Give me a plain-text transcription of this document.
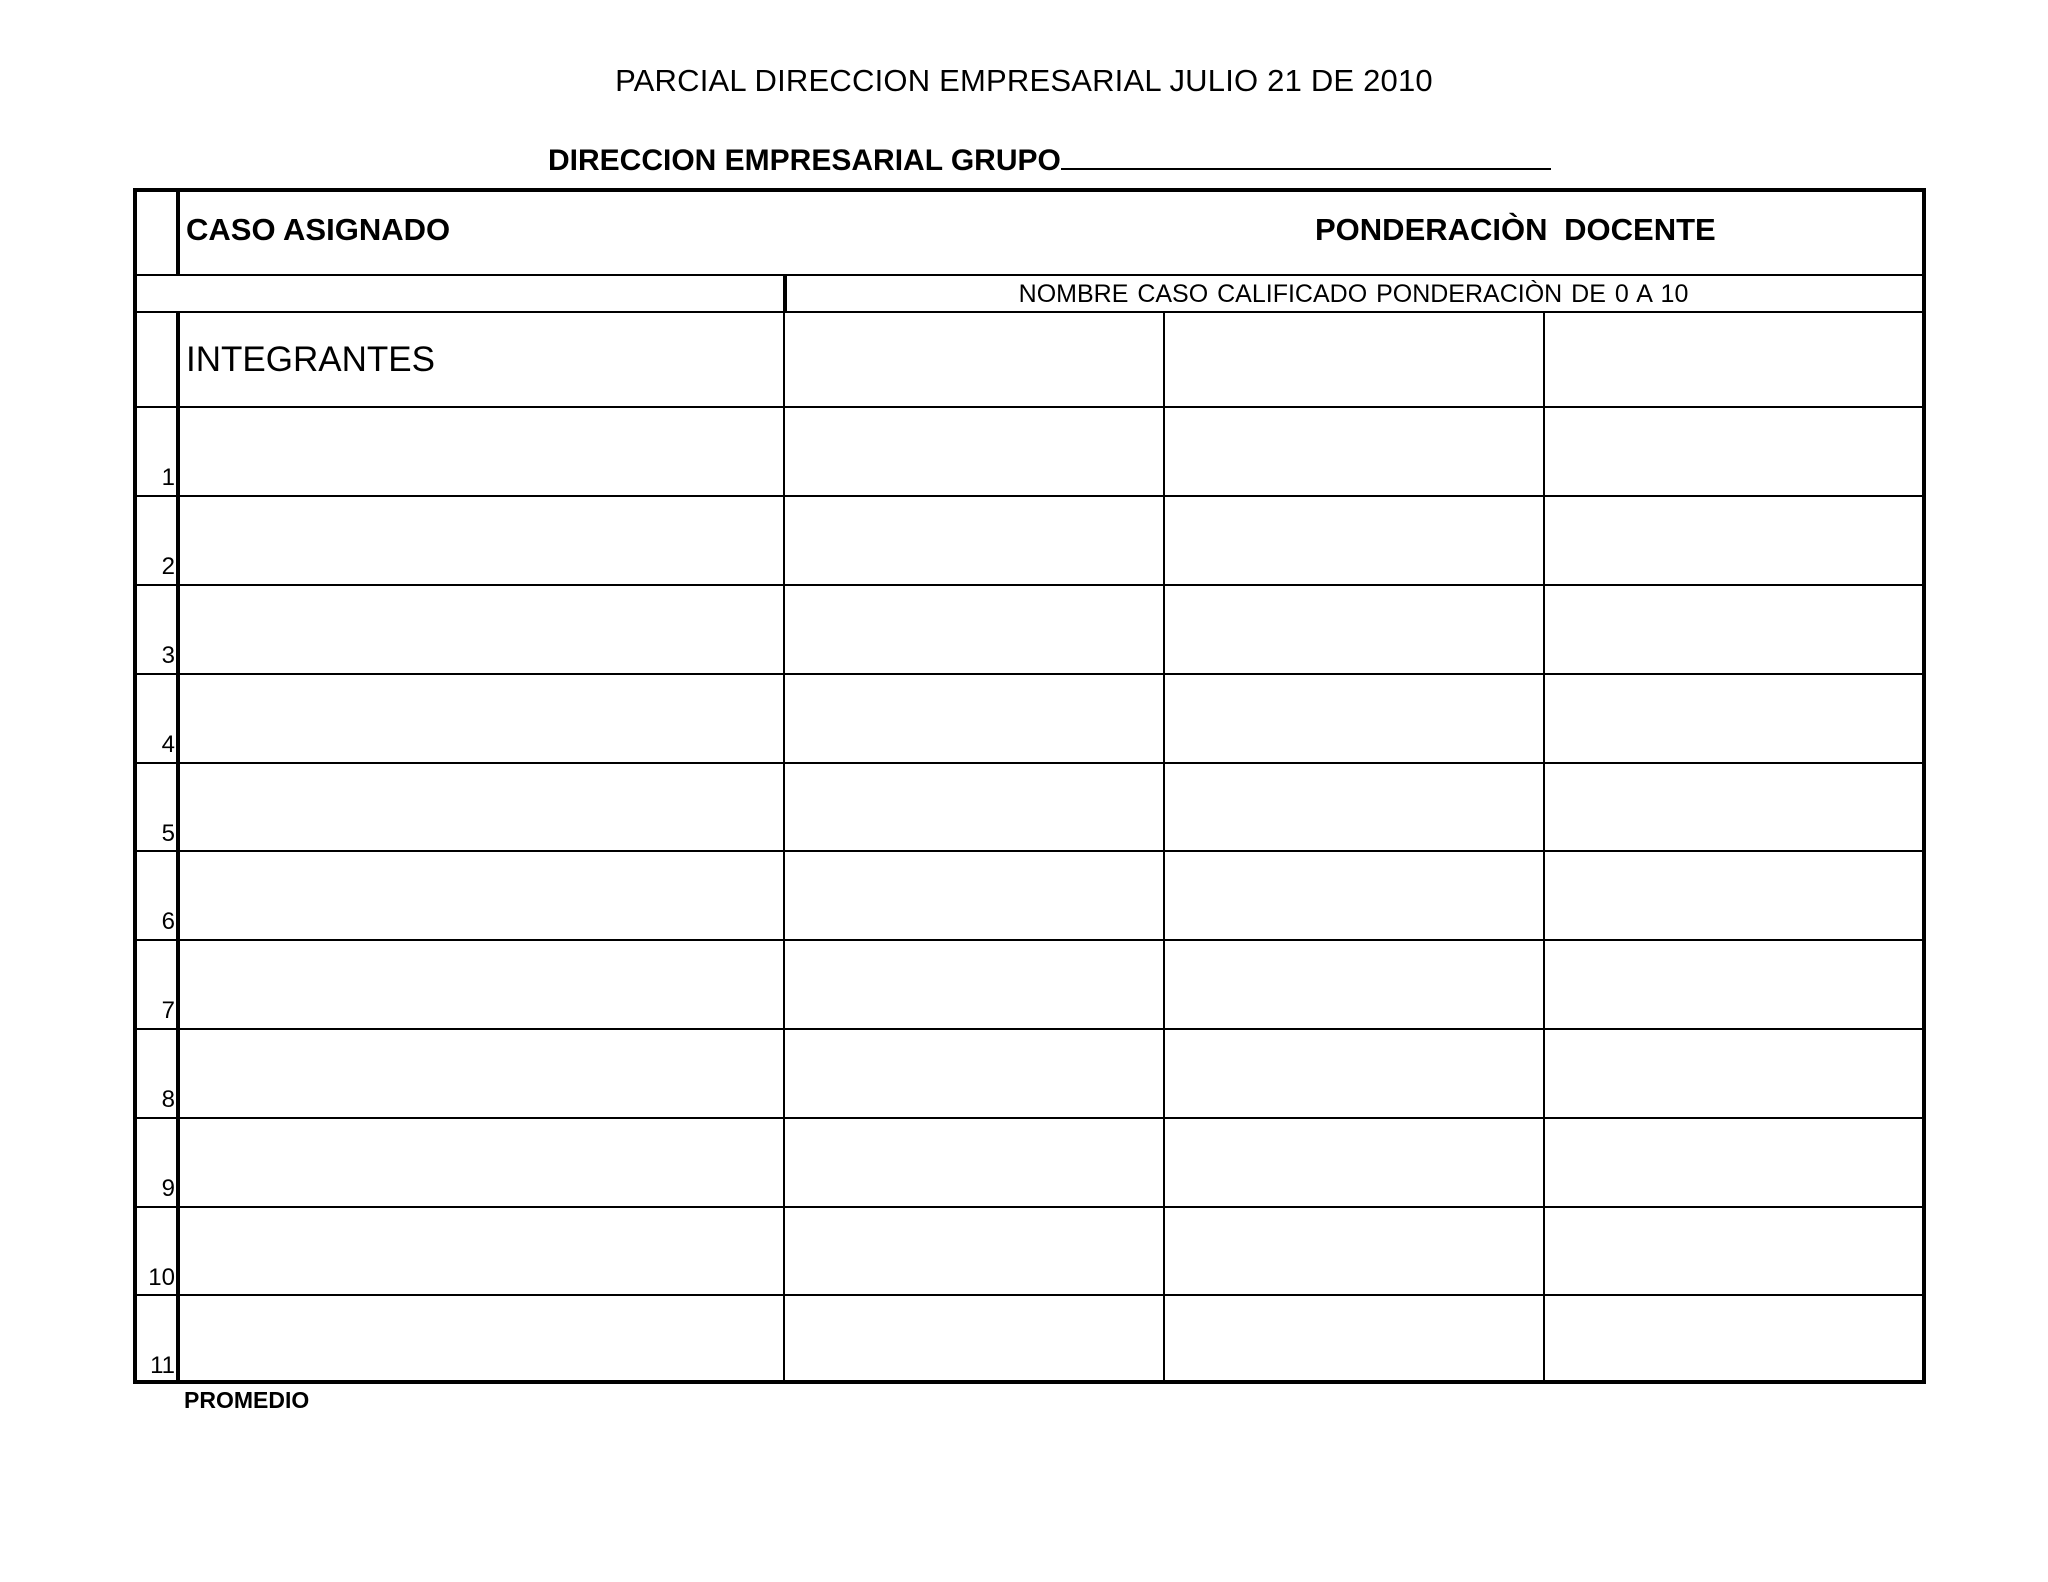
PARCIAL DIRECCION EMPRESARIAL JULIO 21 DE 2010
DIRECCION EMPRESARIAL GRUPO
CASO ASIGNADO	PONDERACIÒN DOCENTE
NOMBRE CASO CALIFICADO PONDERACIÒN DE 0 A 10
INTEGRANTES
1
2
3
4
5
6
7
8
9
10
11
PROMEDIO
